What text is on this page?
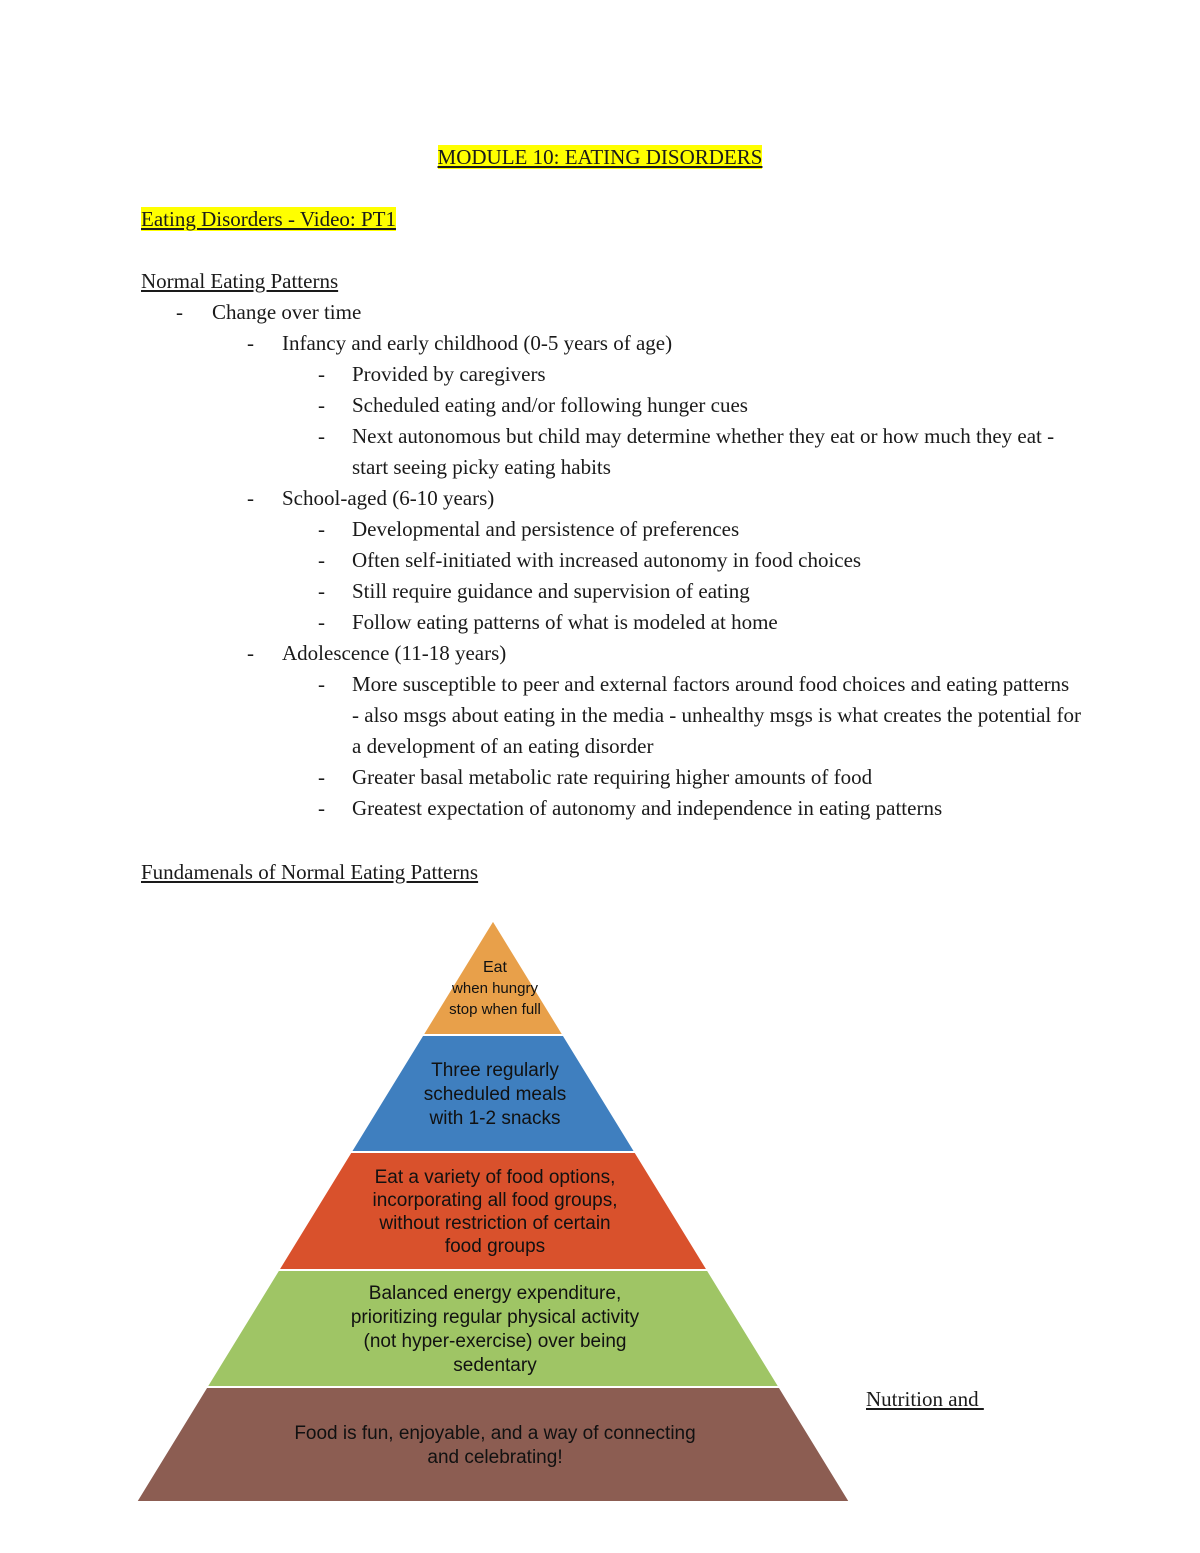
MODULE 10: EATING DISORDERS
Eating Disorders - Video: PT1
Normal Eating Patterns
- Change over time
- Infancy and early childhood (0-5 years of age)
- Provided by caregivers
- Scheduled eating and/or following hunger cues
- Next autonomous but child may determine whether they eat or how much they eat - start seeing picky eating habits
- School-aged (6-10 years)
- Developmental and persistence of preferences
- Often self-initiated with increased autonomy in food choices
- Still require guidance and supervision of eating
- Follow eating patterns of what is modeled at home
- Adolescence (11-18 years)
- More susceptible to peer and external factors around food choices and eating patterns - also msgs about eating in the media - unhealthy msgs is what creates the potential for a development of an eating disorder
- Greater basal metabolic rate requiring higher amounts of food
- Greatest expectation of autonomy and independence in eating patterns
Fundamenals of Normal Eating Patterns
Eat
when hungry
stop when full
Three regularly
scheduled meals
with 1-2 snacks
Eat a variety of food options,
incorporating all food groups,
without restriction of certain
food groups
Balanced energy expenditure,
prioritizing regular physical activity
(not hyper-exercise) over being
sedentary
Food is fun, enjoyable, and a way of connecting
and celebrating!
Nutrition and
